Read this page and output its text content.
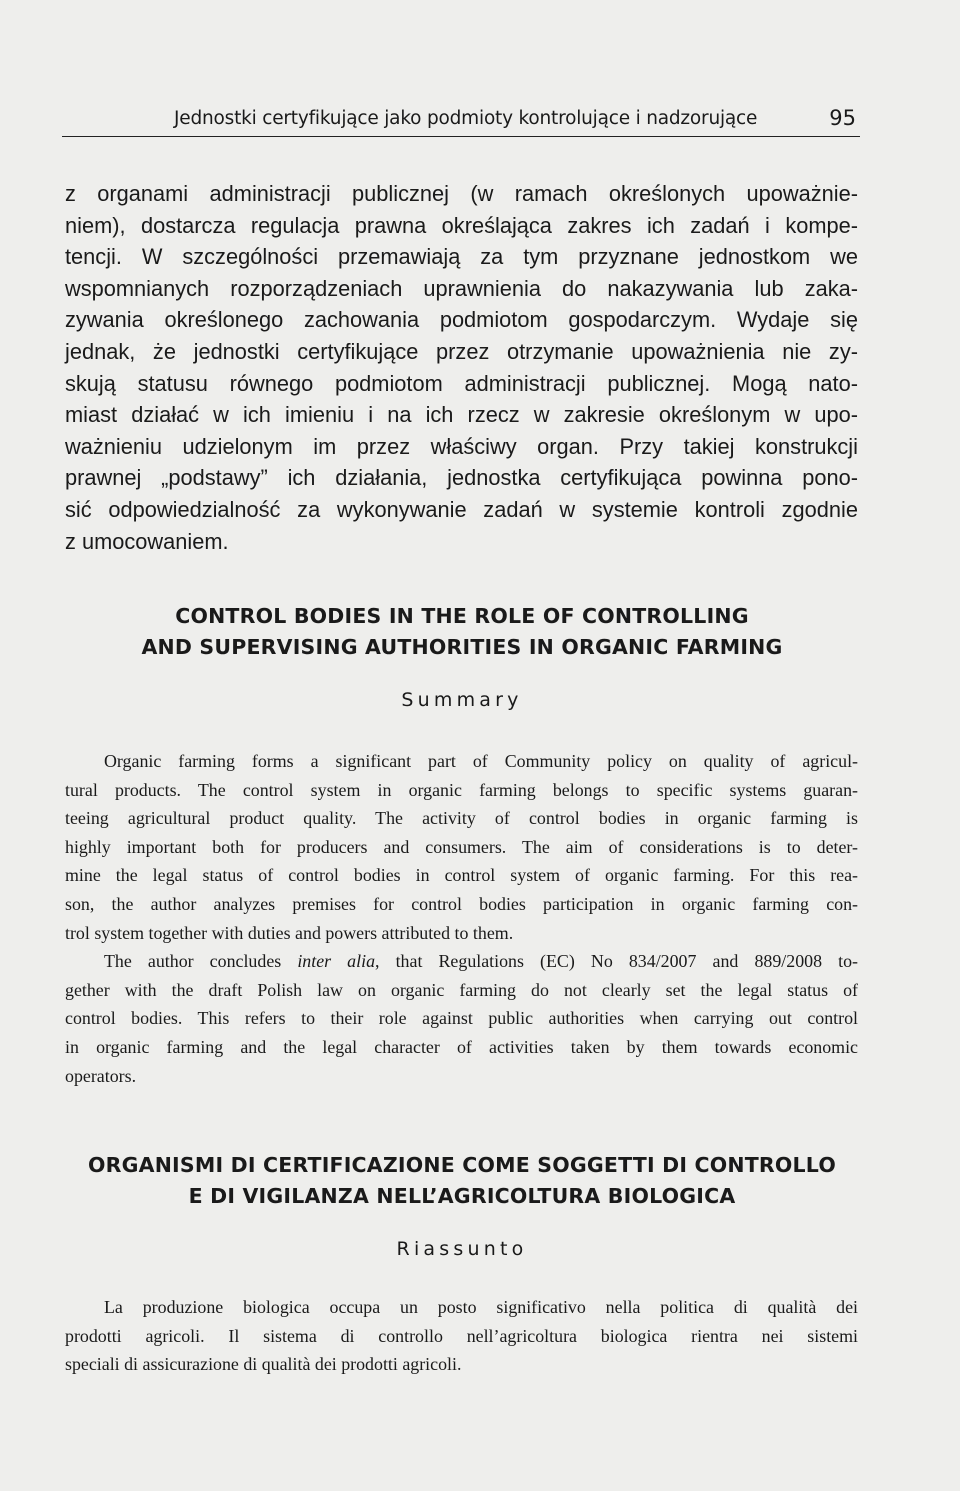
Jednostki certyfikujące jako podmioty kontrolujące i nadzorujące	95
z organami administracji publicznej (w ramach określonych upoważnie-
niem), dostarcza regulacja prawna określająca zakres ich zadań i kompe-
tencji. W szczególności przemawiają za tym przyznane jednostkom we
wspomnianych rozporządzeniach uprawnienia do nakazywania lub zaka-
zywania określonego zachowania podmiotom gospodarczym. Wydaje się
jednak, że jednostki certyfikujące przez otrzymanie upoważnienia nie zy-
skują statusu równego podmiotom administracji publicznej. Mogą nato-
miast działać w ich imieniu i na ich rzecz w zakresie określonym w upo-
ważnieniu udzielonym im przez właściwy organ. Przy takiej konstrukcji
prawnej „podstawy” ich działania, jednostka certyfikująca powinna pono-
sić odpowiedzialność za wykonywanie zadań w systemie kontroli zgodnie
z umocowaniem.
CONTROL BODIES IN THE ROLE OF CONTROLLING
AND SUPERVISING AUTHORITIES IN ORGANIC FARMING
Summary
Organic farming forms a significant part of Community policy on quality of agricul-
tural products. The control system in organic farming belongs to specific systems guaran-
teeing agricultural product quality. The activity of control bodies in organic farming is
highly important both for producers and consumers. The aim of considerations is to deter-
mine the legal status of control bodies in control system of organic farming. For this rea-
son, the author analyzes premises for control bodies participation in organic farming con-
trol system together with duties and powers attributed to them.
The author concludes inter alia, that Regulations (EC) No 834/2007 and 889/2008 to-
gether with the draft Polish law on organic farming do not clearly set the legal status of
control bodies. This refers to their role against public authorities when carrying out control
in organic farming and the legal character of activities taken by them towards economic
operators.
ORGANISMI DI CERTIFICAZIONE COME SOGGETTI DI CONTROLLO
E DI VIGILANZA NELL’AGRICOLTURA BIOLOGICA
Riassunto
La produzione biologica occupa un posto significativo nella politica di qualità dei
prodotti agricoli. Il sistema di controllo nell’agricoltura biologica rientra nei sistemi
speciali di assicurazione di qualità dei prodotti agricoli.
